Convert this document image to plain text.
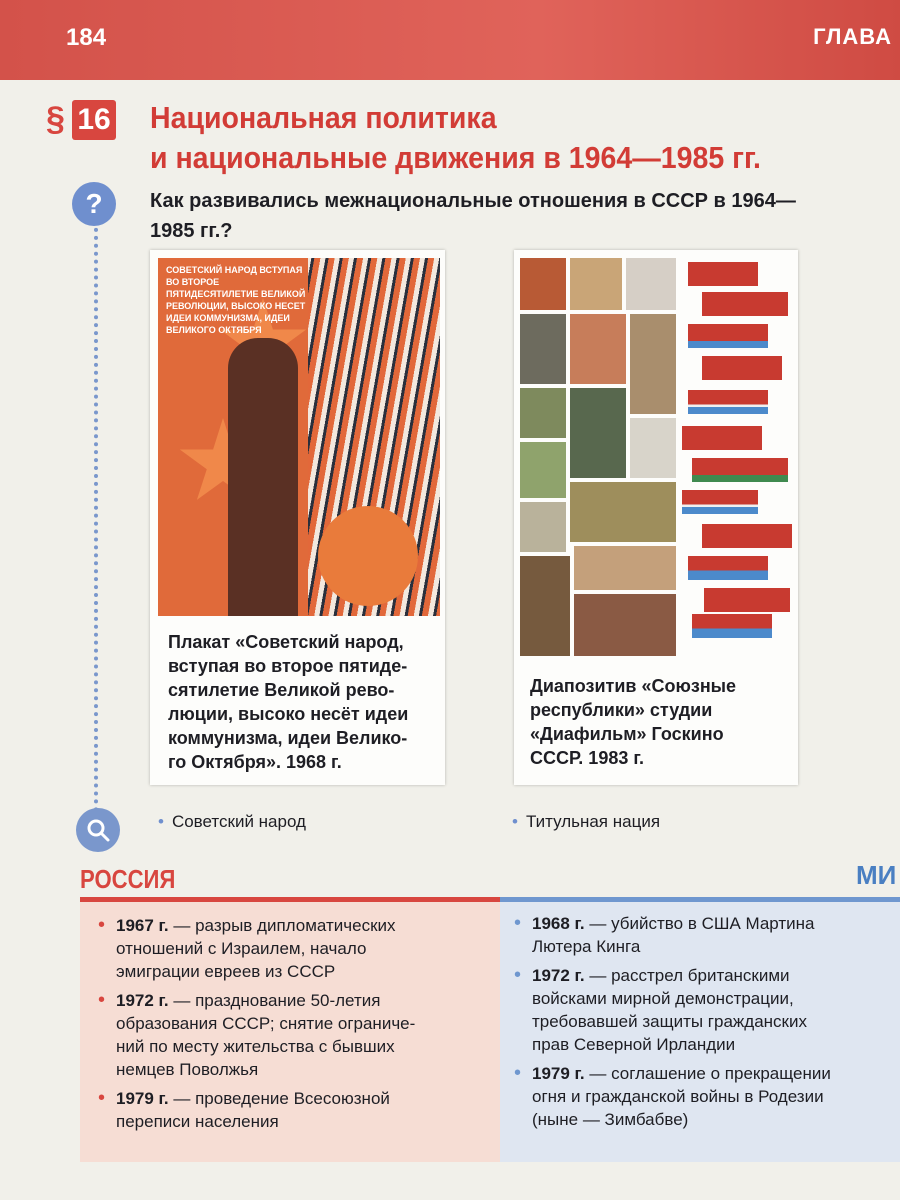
184	ГЛАВА
§ 16 Национальная политика
и национальные движения в 1964—1985 гг.
?	Как развивались межнациональные отношения в СССР в 1964—
1985 гг.?
СОВЕТСКИЙ НАРОД ВСТУПАЯ ВО ВТОРОЕ ПЯТИДЕСЯТИЛЕТИЕ ВЕЛИКОЙ РЕВОЛЮЦИИ, ВЫСОКО НЕСЕТ ИДЕИ КОММУНИЗМА, ИДЕИ ВЕЛИКОГО ОКТЯБРЯ
Плакат «Советский народ,
вступая во второе пятиде-
сятилетие Великой рево-
люции, высоко несёт идеи
коммунизма, идеи Велико-
го Октября». 1968 г.
Диапозитив «Союзные
республики» студии
«Диафильм» Госкино
СССР. 1983 г.
• Советский народ	• Титульная нация
РОССИЯ	МИ
• 1967 г. — разрыв дипломатических
отношений с Израилем, начало
эмиграции евреев из СССР
• 1972 г. — празднование 50-летия
образования СССР; снятие ограниче-
ний по месту жительства с бывших
немцев Поволжья
• 1979 г. — проведение Всесоюзной
переписи населения
• 1968 г. — убийство в США Мартина
Лютера Кинга
• 1972 г. — расстрел британскими
войсками мирной демонстрации,
требовавшей защиты гражданских
прав Северной Ирландии
• 1979 г. — соглашение о прекращении
огня и гражданской войны в Родезии
(ныне — Зимбабве)
